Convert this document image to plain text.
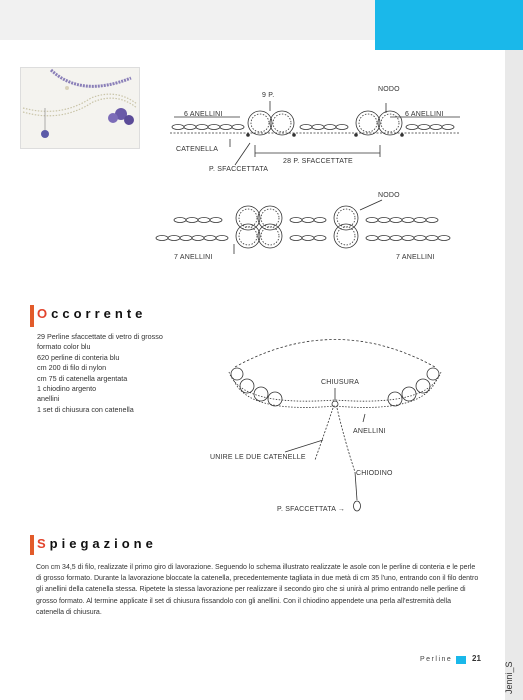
9 P.
NODO
6 ANELLINI	6 ANELLINI
CATENELLA
28 P. SFACCETTATE
P. SFACCETTATA
NODO
7 ANELLINI	7 ANELLINI
Occorrente
29 Perline sfaccettate di vetro di grosso
formato color blu
620 perline di conteria blu
cm 200 di filo di nylon
cm 75 di catenella argentata
1 chiodino argento
anellini
1 set di chiusura con catenella
CHIUSURA
ANELLINI
UNIRE LE DUE CATENELLE
CHIODINO
P. SFACCETTATA →
Spiegazione
Con cm 34,5 di filo, realizzate il primo giro di lavorazione. Seguendo lo schema illustrato realizzate le asole con le perline di conteria e le perle di grosso formato. Durante la lavorazione bloccate la catenella, precedentemente tagliata in due metà di cm 35 l'uno, entrando con il filo dentro gli anellini della catenella stessa. Ripetete la stessa lavorazione per realizzare il secondo giro che si unirà al primo entrando nelle perline di grosso formato. Al termine applicate il set di chiusura fissandolo con gli anellini. Con il chiodino appendete una perla all'estremità della catenella di chiusura.
Perline 21
Jenni_S
